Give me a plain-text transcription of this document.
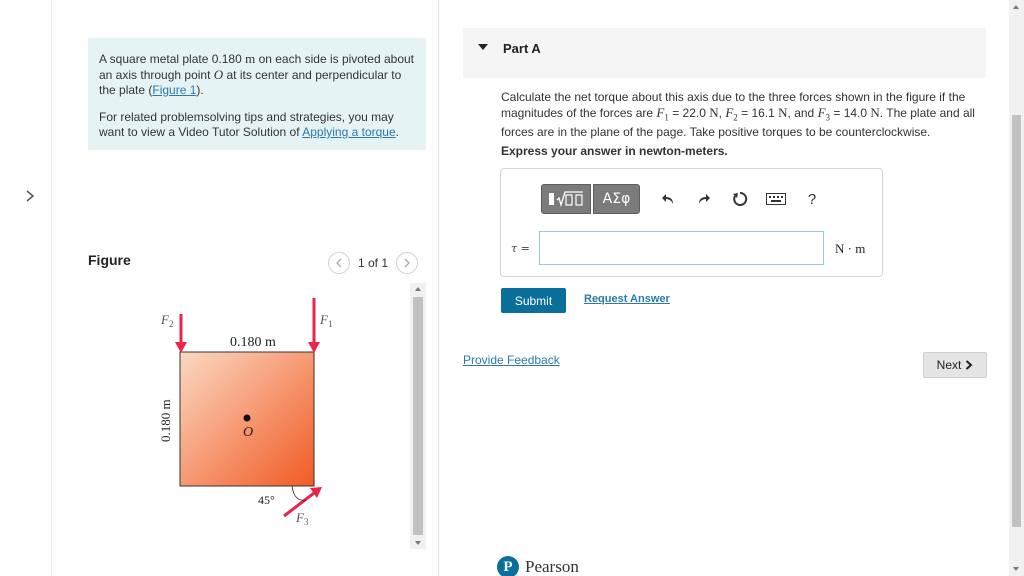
A square metal plate 0.180 m on each side is pivoted about an axis through point O at its center and perpendicular to the plate (Figure 1).

For related problemsolving tips and strategies, you may want to view a Video Tutor Solution of Applying a torque.

Figure	1 of 1
0.180 m
0.180 m	O
$F_2$	$F_1$
45°
$F_3$
Part A
Calculate the net torque about this axis due to the three forces shown in the figure if the magnitudes of the forces are $F_1 = 22.0$ N, $F_2 = 16.1$ N, and $F_3 = 14.0$ N. The plate and all forces are in the plane of the page. Take positive torques to be counterclockwise.
Express your answer in newton-meters.
ΑΣφ	?
τ =	N · m
Submit	Request Answer
Provide Feedback	Next
P Pearson
